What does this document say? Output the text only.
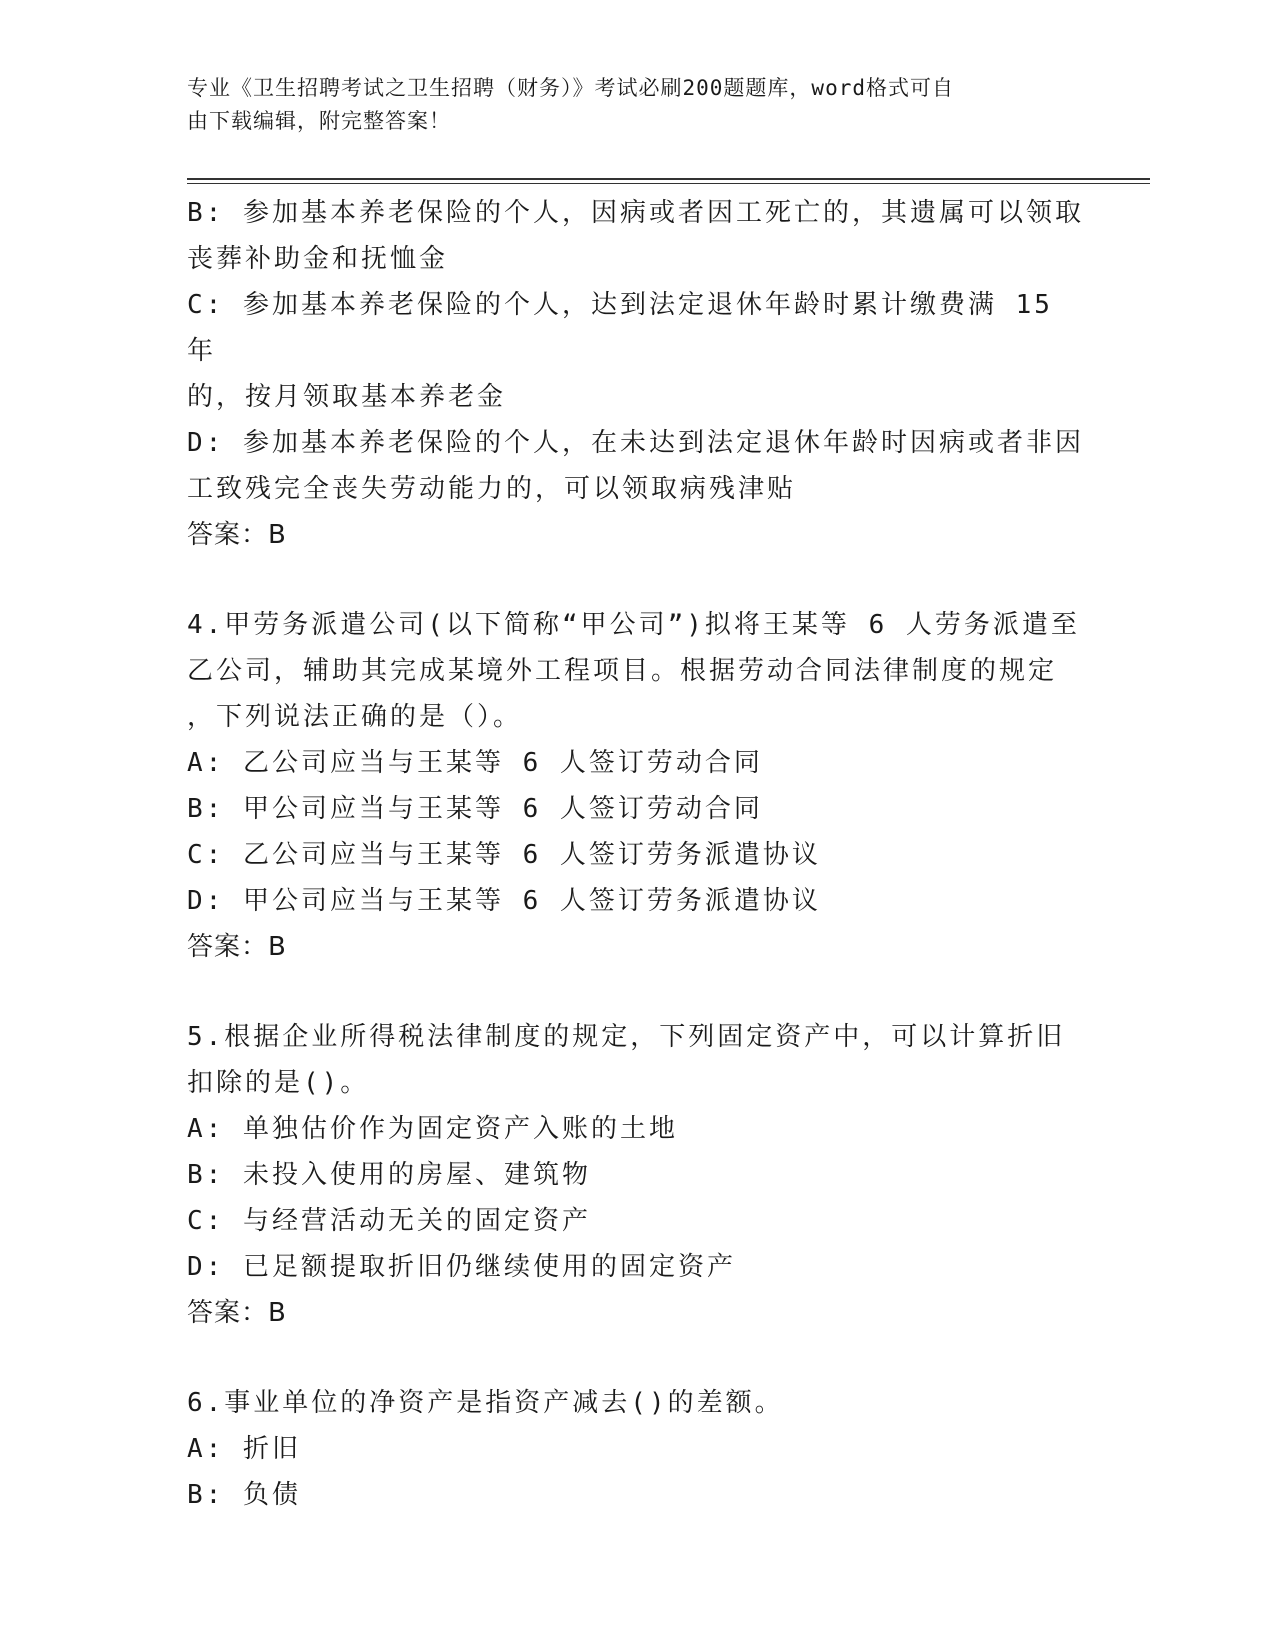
专业《卫生招聘考试之卫生招聘（财务）》考试必刷200题题库，word格式可自
由下载编辑，附完整答案！
B: 参加基本养老保险的个人，因病或者因工死亡的，其遗属可以领取
丧葬补助金和抚恤金
C: 参加基本养老保险的个人，达到法定退休年龄时累计缴费满 15 年
的，按月领取基本养老金
D: 参加基本养老保险的个人，在未达到法定退休年龄时因病或者非因
工致残完全丧失劳动能力的，可以领取病残津贴
答案：B
4.甲劳务派遣公司(以下简称“甲公司”)拟将王某等 6 人劳务派遣至
乙公司，辅助其完成某境外工程项目。根据劳动合同法律制度的规定
，下列说法正确的是（）。
A: 乙公司应当与王某等 6 人签订劳动合同
B: 甲公司应当与王某等 6 人签订劳动合同
C: 乙公司应当与王某等 6 人签订劳务派遣协议
D: 甲公司应当与王某等 6 人签订劳务派遣协议
答案：B
5.根据企业所得税法律制度的规定，下列固定资产中，可以计算折旧
扣除的是()。
A: 单独估价作为固定资产入账的土地
B: 未投入使用的房屋、建筑物
C: 与经营活动无关的固定资产
D: 已足额提取折旧仍继续使用的固定资产
答案：B
6.事业单位的净资产是指资产减去()的差额。
A: 折旧
B: 负债
